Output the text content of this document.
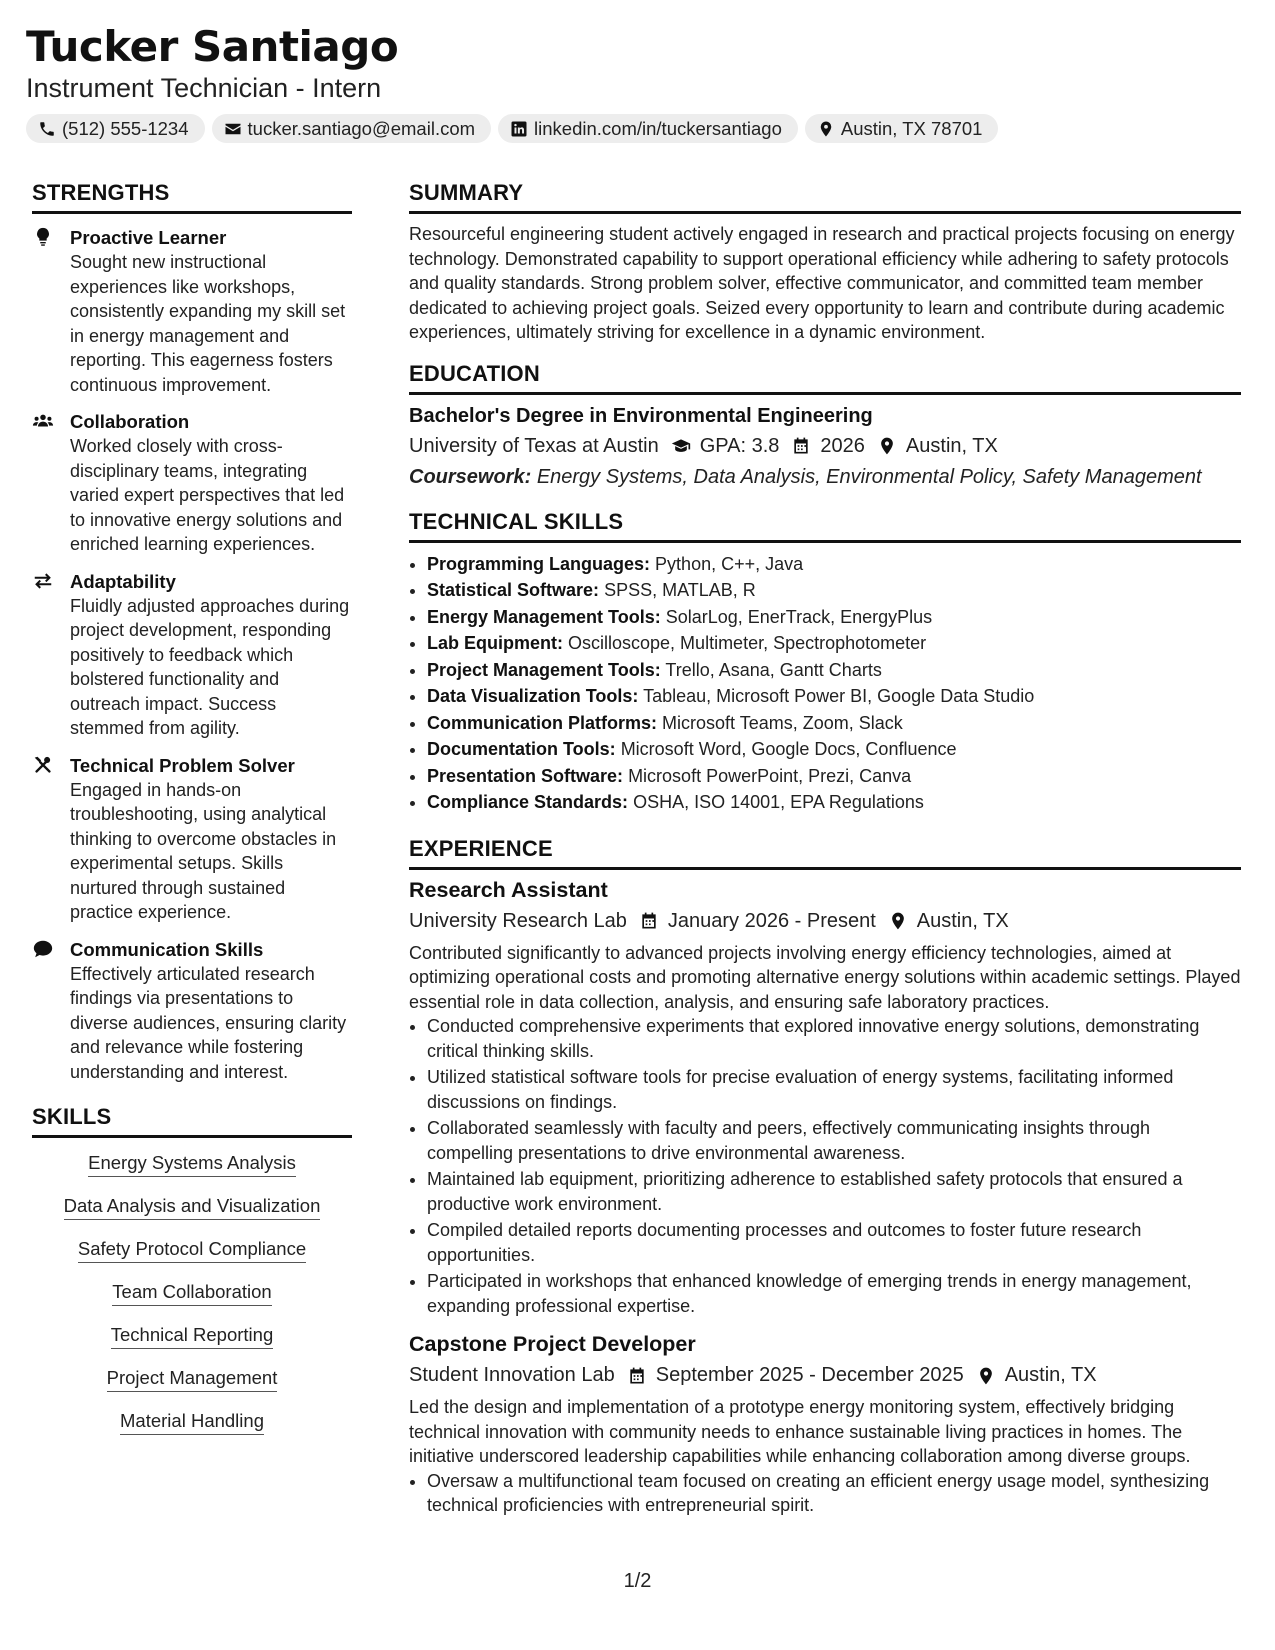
Tucker Santiago
Instrument Technician - Intern
(512) 555-1234	tucker.santiago@email.com	linkedin.com/in/tuckersantiago	Austin, TX 78701
STRENGTHS
Proactive Learner
Sought new instructional experiences like workshops, consistently expanding my skill set in energy management and reporting. This eagerness fosters continuous improvement.
Collaboration
Worked closely with cross-disciplinary teams, integrating varied expert perspectives that led to innovative energy solutions and enriched learning experiences.
Adaptability
Fluidly adjusted approaches during project development, responding positively to feedback which bolstered functionality and outreach impact. Success stemmed from agility.
Technical Problem Solver
Engaged in hands-on troubleshooting, using analytical thinking to overcome obstacles in experimental setups. Skills nurtured through sustained practice experience.
Communication Skills
Effectively articulated research findings via presentations to diverse audiences, ensuring clarity and relevance while fostering understanding and interest.
SKILLS
Energy Systems Analysis
Data Analysis and Visualization
Safety Protocol Compliance
Team Collaboration
Technical Reporting
Project Management
Material Handling
SUMMARY
Resourceful engineering student actively engaged in research and practical projects focusing on energy technology. Demonstrated capability to support operational efficiency while adhering to safety protocols and quality standards. Strong problem solver, effective communicator, and committed team member dedicated to achieving project goals. Seized every opportunity to learn and contribute during academic experiences, ultimately striving for excellence in a dynamic environment.
EDUCATION
Bachelor's Degree in Environmental Engineering
University of Texas at Austin GPA: 3.8 2026 Austin, TX
Coursework: Energy Systems, Data Analysis, Environmental Policy, Safety Management
TECHNICAL SKILLS
• Programming Languages: Python, C++, Java
• Statistical Software: SPSS, MATLAB, R
• Energy Management Tools: SolarLog, EnerTrack, EnergyPlus
• Lab Equipment: Oscilloscope, Multimeter, Spectrophotometer
• Project Management Tools: Trello, Asana, Gantt Charts
• Data Visualization Tools: Tableau, Microsoft Power BI, Google Data Studio
• Communication Platforms: Microsoft Teams, Zoom, Slack
• Documentation Tools: Microsoft Word, Google Docs, Confluence
• Presentation Software: Microsoft PowerPoint, Prezi, Canva
• Compliance Standards: OSHA, ISO 14001, EPA Regulations
EXPERIENCE
Research Assistant
University Research Lab January 2026 - Present Austin, TX
Contributed significantly to advanced projects involving energy efficiency technologies, aimed at optimizing operational costs and promoting alternative energy solutions within academic settings. Played essential role in data collection, analysis, and ensuring safe laboratory practices.
• Conducted comprehensive experiments that explored innovative energy solutions, demonstrating critical thinking skills.
• Utilized statistical software tools for precise evaluation of energy systems, facilitating informed discussions on findings.
• Collaborated seamlessly with faculty and peers, effectively communicating insights through compelling presentations to drive environmental awareness.
• Maintained lab equipment, prioritizing adherence to established safety protocols that ensured a productive work environment.
• Compiled detailed reports documenting processes and outcomes to foster future research opportunities.
• Participated in workshops that enhanced knowledge of emerging trends in energy management, expanding professional expertise.
Capstone Project Developer
Student Innovation Lab September 2025 - December 2025 Austin, TX
Led the design and implementation of a prototype energy monitoring system, effectively bridging technical innovation with community needs to enhance sustainable living practices in homes. The initiative underscored leadership capabilities while enhancing collaboration among diverse groups.
• Oversaw a multifunctional team focused on creating an efficient energy usage model, synthesizing technical proficiencies with entrepreneurial spirit.
1/2
